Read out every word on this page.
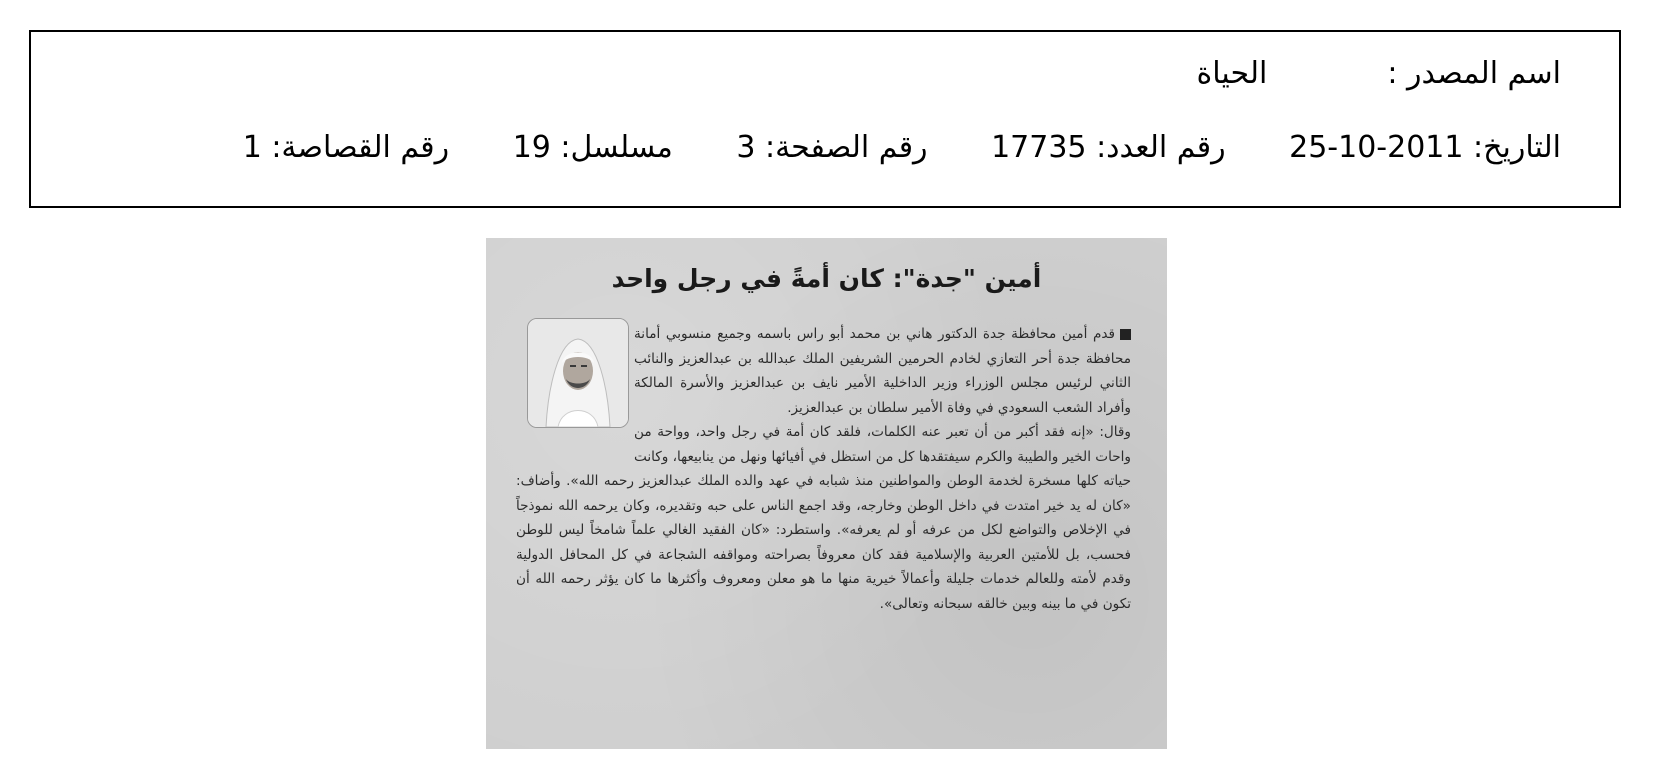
اسم المصدر :الحياة
التاريخ: 25-10-2011 رقم العدد: 17735 رقم الصفحة: 3 مسلسل: 19 رقم القصاصة: 1
أمين "جدة": كان أمةً في رجل واحد

قدم أمين محافظة جدة الدكتور هاني بن محمد أبو راس باسمه وجميع منسوبي أمانة محافظة جدة أحر التعازي لخادم الحرمين الشريفين الملك عبدالله بن عبدالعزيز والنائب الثاني لرئيس مجلس الوزراء وزير الداخلية الأمير نايف بن عبدالعزيز والأسرة المالكة وأفراد الشعب السعودي في وفاة الأمير سلطان بن عبدالعزيز.

وقال: «إنه فقد أكبر من أن تعبر عنه الكلمات، فلقد كان أمة في رجل واحد، وواحة من واحات الخير والطيبة والكرم سيفتقدها كل من استظل في أفيائها ونهل من ينابيعها، وكانت حياته كلها مسخرة لخدمة الوطن والمواطنين منذ شبابه في عهد والده الملك عبدالعزيز رحمه الله». وأضاف: «كان له يد خير امتدت في داخل الوطن وخارجه، وقد اجمع الناس على حبه وتقديره، وكان يرحمه الله نموذجاً في الإخلاص والتواضع لكل من عرفه أو لم يعرفه». واستطرد: «كان الفقيد الغالي علماً شامخاً ليس للوطن فحسب، بل للأمتين العربية والإسلامية فقد كان معروفاً بصراحته ومواقفه الشجاعة في كل المحافل الدولية وقدم لأمته وللعالم خدمات جليلة وأعمالاً خيرية منها ما هو معلن ومعروف وأكثرها ما كان يؤثر رحمه الله أن تكون في ما بينه وبين خالقه سبحانه وتعالى».
